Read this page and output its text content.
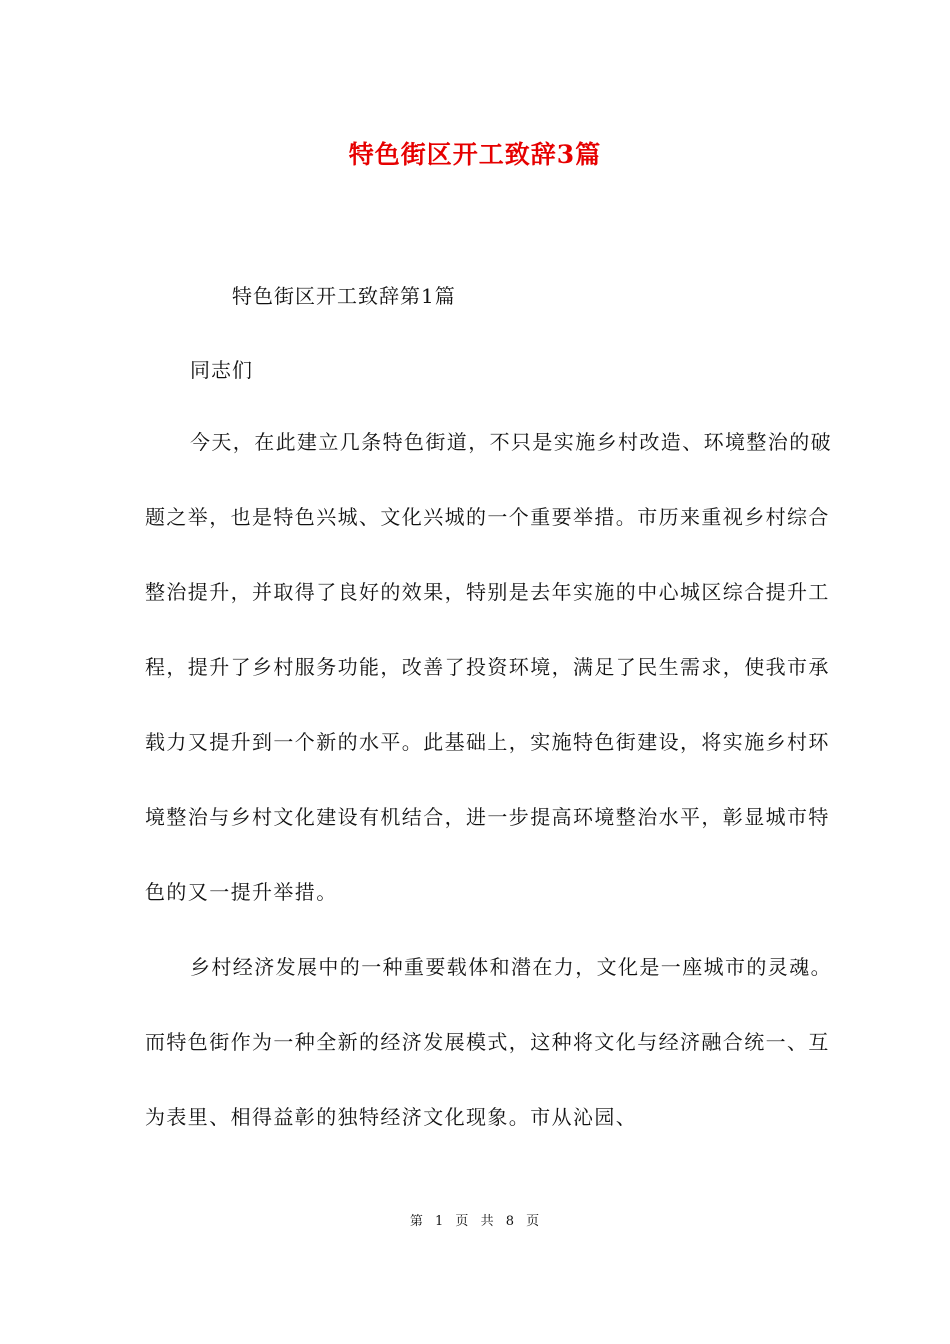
特色街区开工致辞3篇
特色街区开工致辞第1篇
同志们

今天，在此建立几条特色街道，不只是实施乡村改造、环境整治的破题之举，也是特色兴城、文化兴城的一个重要举措。市历来重视乡村综合整治提升，并取得了良好的效果，特别是去年实施的中心城区综合提升工程，提升了乡村服务功能，改善了投资环境，满足了民生需求，使我市承载力又提升到一个新的水平。此基础上，实施特色街建设，将实施乡村环境整治与乡村文化建设有机结合，进一步提高环境整治水平，彰显城市特色的又一提升举措。

乡村经济发展中的一种重要载体和潜在力，文化是一座城市的灵魂。而特色街作为一种全新的经济发展模式，这种将文化与经济融合统一、互为表里、相得益彰的独特经济文化现象。市从沁园、

第 1 页 共 8 页
